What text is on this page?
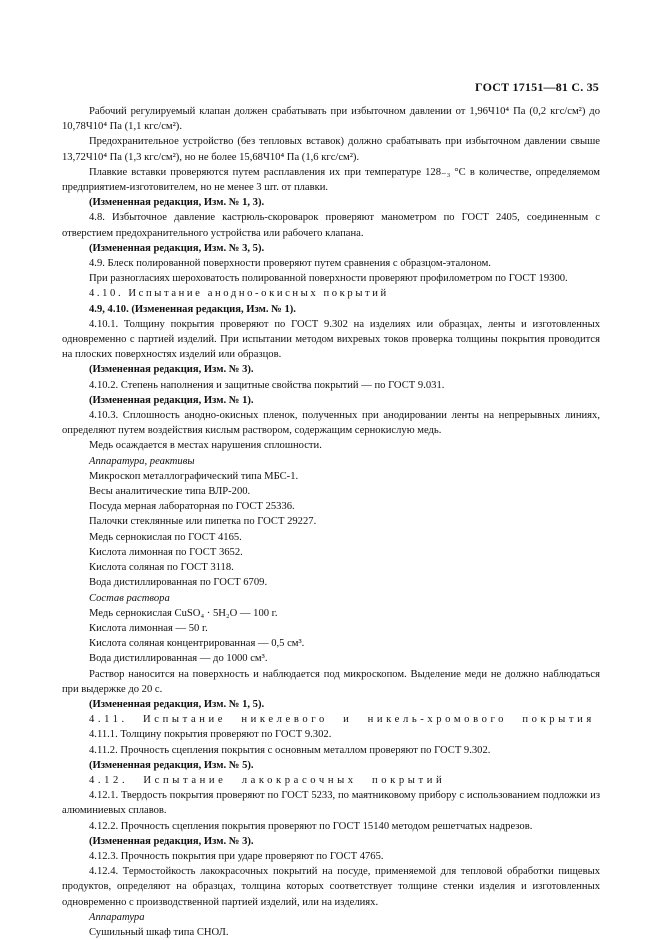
ГОСТ 17151—81 С. 35

Рабочий регулируемый клапан должен срабатывать при избыточном давлении от 1,96Ч10⁴ Па (0,2 кгс/см²) до 10,78Ч10⁴ Па (1,1 кгс/см²).

Предохранительное устройство (без тепловых вставок) должно срабатывать при избыточном давлении свыше 13,72Ч10⁴ Па (1,3 кгс/см²), но не более 15,68Ч10⁴ Па (1,6 кгс/см²).

Плавкие вставки проверяются путем расплавления их при температуре 128₋₃ °С в количестве, определяемом предприятием-изготовителем, но не менее 3 шт. от плавки.

(Измененная редакция, Изм. № 1, 3).

4.8. Избыточное давление кастрюль-скороварок проверяют манометром по ГОСТ 2405, соединенным с отверстием предохранительного устройства или рабочего клапана.

(Измененная редакция, Изм. № 3, 5).

4.9. Блеск полированной поверхности проверяют путем сравнения с образцом-эталоном.

При разногласиях шероховатость полированной поверхности проверяют профилометром по ГОСТ 19300.

4.10. Испытание анодно-окисных покрытий

4.9, 4.10. (Измененная редакция, Изм. № 1).

4.10.1. Толщину покрытия проверяют по ГОСТ 9.302 на изделиях или образцах, ленты и изготовленных одновременно с партией изделий. При испытании методом вихревых токов проверка толщины покрытия проводится на плоских поверхностях изделий или образцов.

(Измененная редакция, Изм. № 3).

4.10.2. Степень наполнения и защитные свойства покрытий — по ГОСТ 9.031.

(Измененная редакция, Изм. № 1).

4.10.3. Сплошность анодно-окисных пленок, полученных при анодировании ленты на непрерывных линиях, определяют путем воздействия кислым раствором, содержащим сернокислую медь.

Медь осаждается в местах нарушения сплошности.

Аппаратура, реактивы

Микроскоп металлографический типа МБС-1.

Весы аналитические типа ВЛР-200.

Посуда мерная лабораторная по ГОСТ 25336.

Палочки стеклянные или пипетка по ГОСТ 29227.

Медь сернокислая по ГОСТ 4165.

Кислота лимонная по ГОСТ 3652.

Кислота соляная по ГОСТ 3118.

Вода дистиллированная по ГОСТ 6709.

Состав раствора

Медь сернокислая CuSO₄ · 5H₂O — 100 г.

Кислота лимонная — 50 г.

Кислота соляная концентрированная — 0,5 см³.

Вода дистиллированная — до 1000 см³.

Раствор наносится на поверхность и наблюдается под микроскопом. Выделение меди не должно наблюдаться при выдержке до 20 с.

(Измененная редакция, Изм. № 1, 5).

4.11. Испытание никелевого и никель-хромового покрытия

4.11.1. Толщину покрытия проверяют по ГОСТ 9.302.

4.11.2. Прочность сцепления покрытия с основным металлом проверяют по ГОСТ 9.302.

(Измененная редакция, Изм. № 5).

4.12. Испытание лакокрасочных покрытий

4.12.1. Твердость покрытия проверяют по ГОСТ 5233, по маятниковому прибору с использованием подложки из алюминиевых сплавов.

4.12.2. Прочность сцепления покрытия проверяют по ГОСТ 15140 методом решетчатых надрезов.

(Измененная редакция, Изм. № 3).

4.12.3. Прочность покрытия при ударе проверяют по ГОСТ 4765.

4.12.4. Термостойкость лакокрасочных покрытий на посуде, применяемой для тепловой обработки пищевых продуктов, определяют на образцах, толщина которых соответствует толщине стенки изделия и изготовленных одновременно с производственной партией изделий, или на изделиях.

Аппаратура

Сушильный шкаф типа СНОЛ.
